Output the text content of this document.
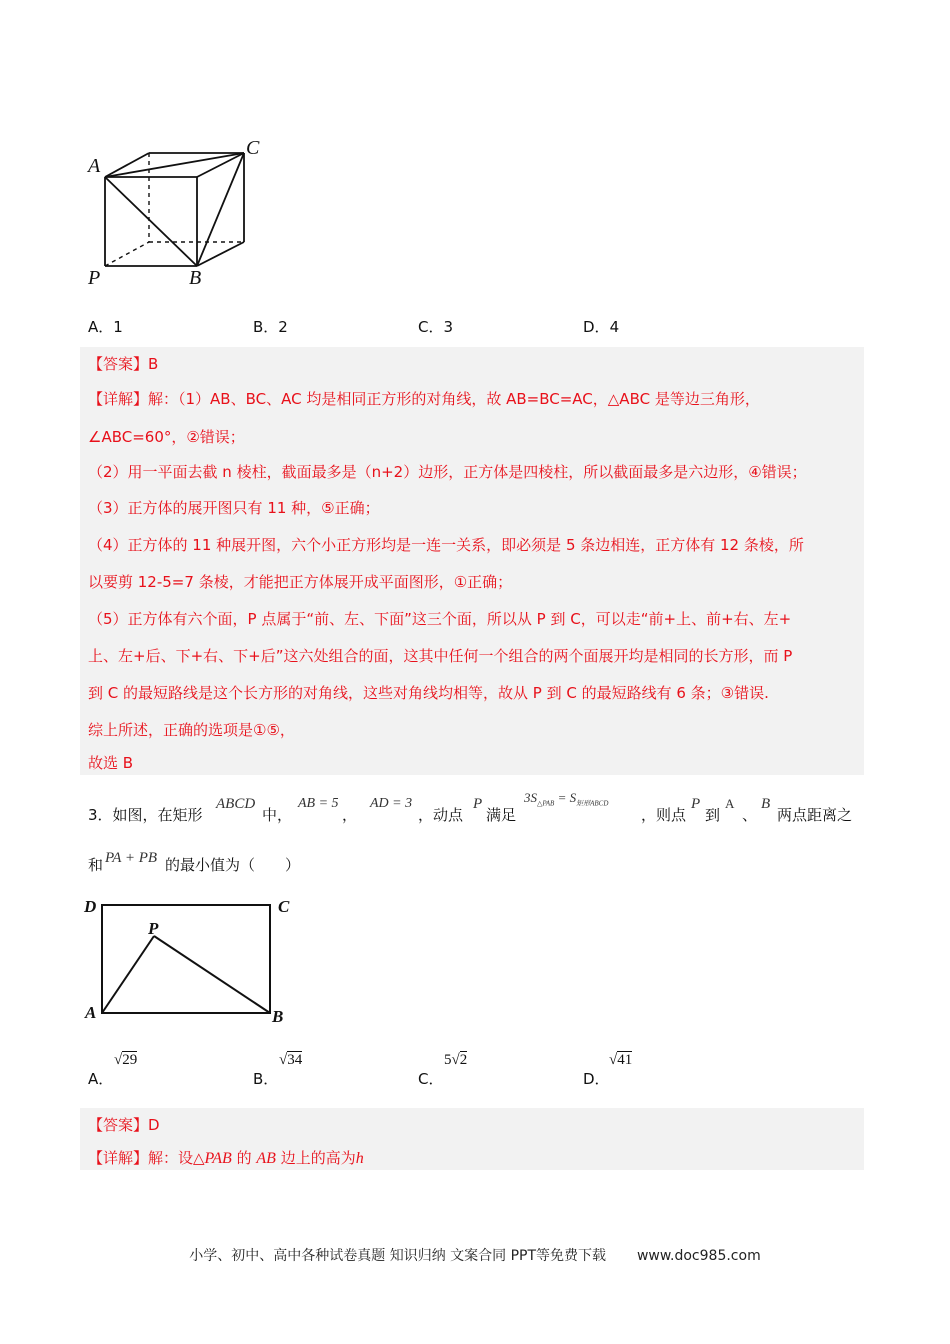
A
C
P	B
A．1	B．2	C．3	D．4
【答案】B
【详解】解：（1）AB、BC、AC 均是相同正方形的对角线，故 AB=BC=AC，△ABC 是等边三角形，
∠ABC=60°，②错误；
（2）用一平面去截 n 棱柱，截面最多是（n+2）边形，正方体是四棱柱，所以截面最多是六边形，④错误；
（3）正方体的展开图只有 11 种，⑤正确；
（4）正方体的 11 种展开图，六个小正方形均是一连一关系，即必须是 5 条边相连，正方体有 12 条棱，所
以要剪 12-5=7 条棱，才能把正方体展开成平面图形，①正确；
（5）正方体有六个面，P 点属于“前、左、下面”这三个面，所以从 P 到 C，可以走“前+上、前+右、左+
上、左+后、下+右、下+后”这六处组合的面，这其中任何一个组合的两个面展开均是相同的长方形，而 P
到 C 的最短路线是这个长方形的对角线，这些对角线均相等，故从 P 到 C 的最短路线有 6 条；③错误.
综上所述，正确的选项是①⑤，
故选 B
3．如图，在矩形
ABCD
中，
AB = 5
，
AD = 3
，动点
P
满足
$3S_{\triangle PAB} = S_{矩形ABCD}$
，则点
P
到
A
、
B
两点距离之
和 PA + PB 的最小值为（　　）
D	C
P
A	B
A．
√29
B．
√34
C．
5√2
D．
√41
【答案】D
【详解】解：设△PAB 的 AB 边上的高为h
小学、初中、高中各种试卷真题 知识归纳 文案合同 PPT等免费下载 www.doc985.com
